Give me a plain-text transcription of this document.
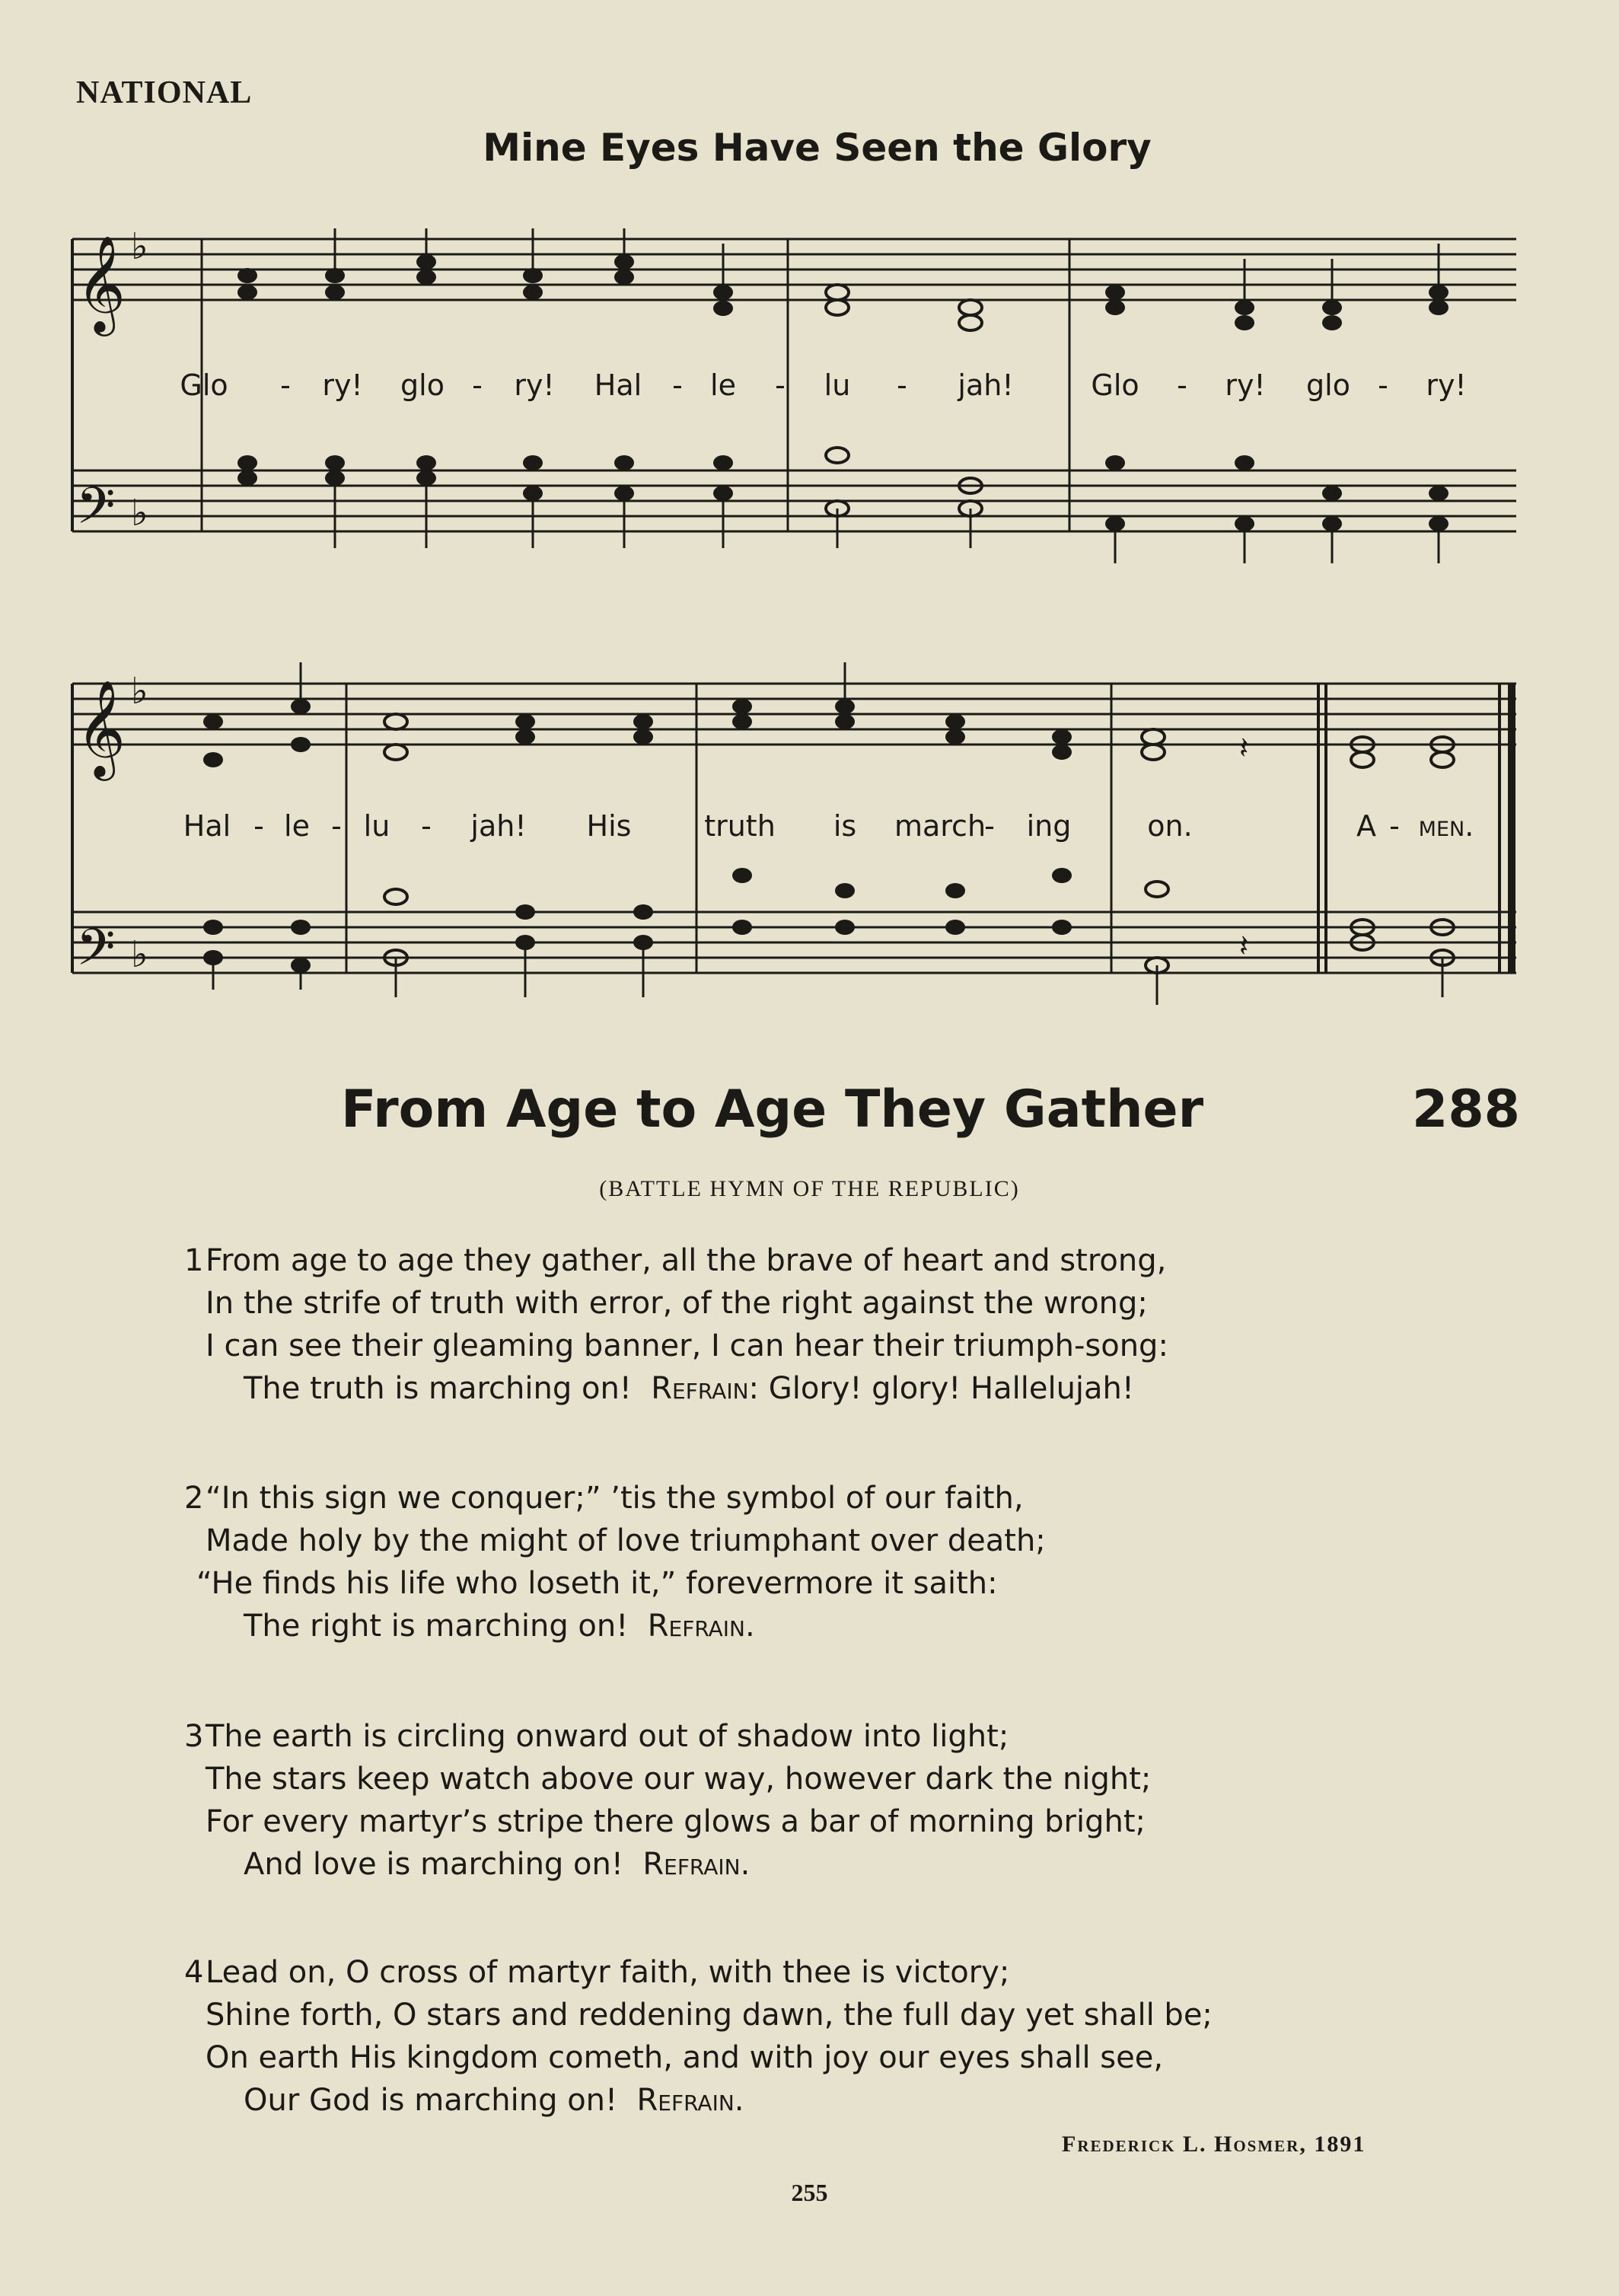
NATIONAL
Mine Eyes Have Seen the Glory
𝄞
𝄢
♭
♭
𝄞
𝄢
♭
♭
𝄽
𝄽
Glo - ry! glo - ry! Hal - le - lu - jah!	Glo - ry! glo - ry!
Hal - le - lu - jah! His	truth is march
- ing	on.	A - men.
From Age to Age They Gather	288
(BATTLE HYMN OF THE REPUBLIC)
1 From age to age they gather, all the brave of heart and strong,
In the strife of truth with error, of the right against the wrong;
I can see their gleaming banner, I can hear their triumph-song:
The truth is marching on! Refrain: Glory! glory! Hallelujah!
2 “In this sign we conquer;” ’tis the symbol of our faith,
Made holy by the might of love triumphant over death;
“He finds his life who loseth it,” forevermore it saith:
The right is marching on! Refrain.
3 The earth is circling onward out of shadow into light;
The stars keep watch above our way, however dark the night;
For every martyr’s stripe there glows a bar of morning bright;
And love is marching on! Refrain.
4 Lead on, O cross of martyr faith, with thee is victory;
Shine forth, O stars and reddening dawn, the full day yet shall be;
On earth His kingdom cometh, and with joy our eyes shall see,
Our God is marching on! Refrain.
Frederick L. Hosmer, 1891
255
